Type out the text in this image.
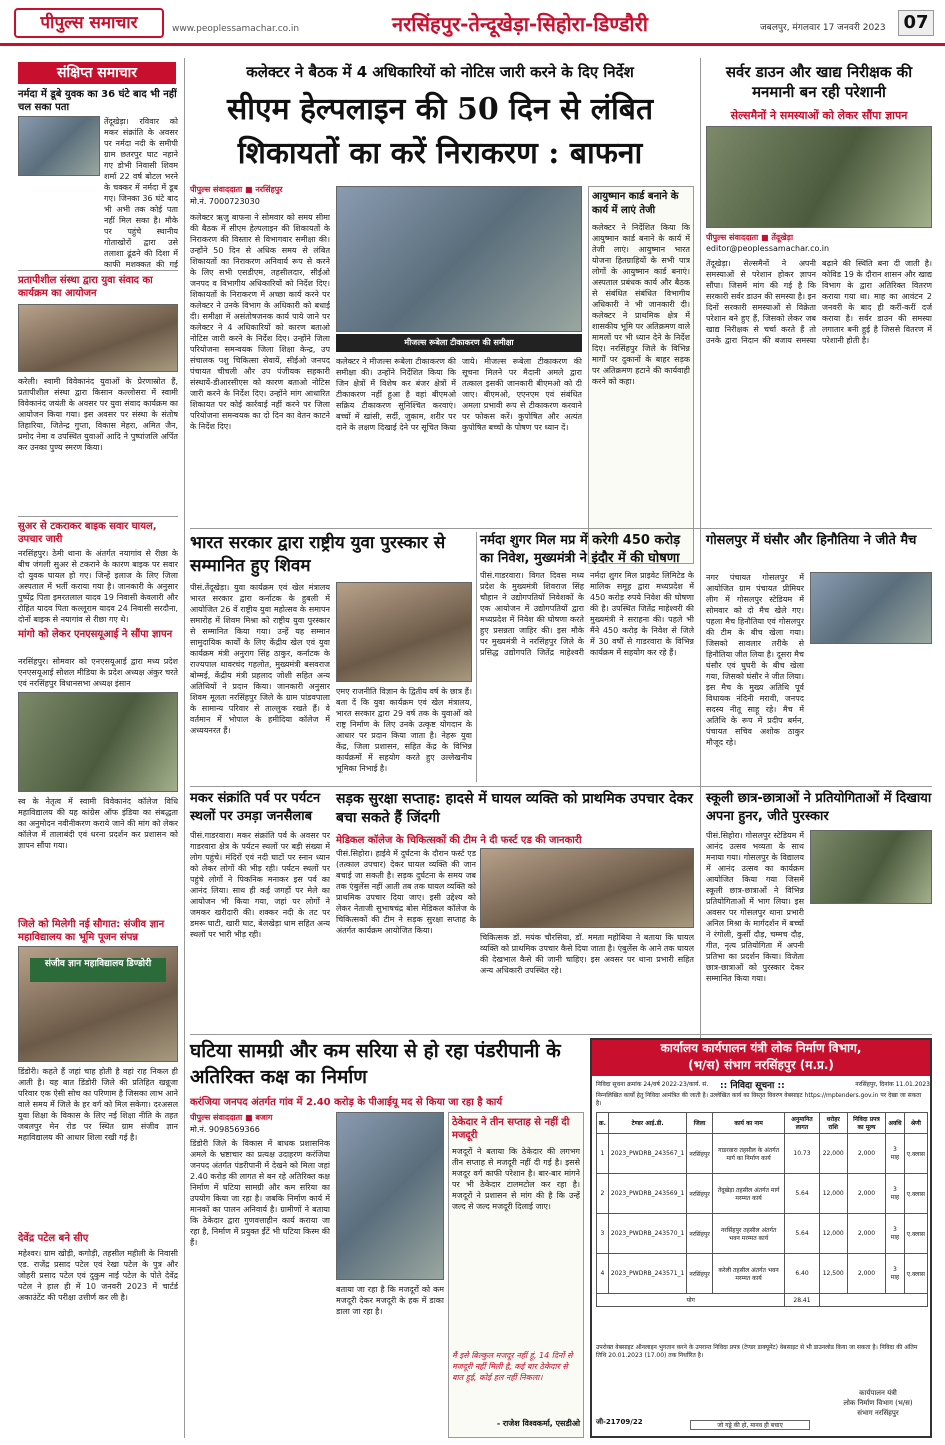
पीपुल्स समाचार	www.peoplessamachar.co.in	नरसिंहपुर-तेन्दूखेड़ा-सिहोरा-डिण्डौरी	जबलपुर, मंगलवार 17 जनवरी 2023 07
संक्षिप्त समाचार
नर्मदा में डूबे युवक का 36 घंटे बाद भी नहीं चल सका पता
तेंदूखेड़ा। रविवार को मकर संक्रांति के अवसर पर नर्मदा नदी के समीपी ग्राम छतरपुर घाट नहाने गए डोभी निवासी शिवम शर्मा 22 वर्ष बोटल भरने के चक्कर में नर्मदा में डूब गए। जिनका 36 घंटे बाद भी अभी तक कोई पता नहीं मिल सका है। मौके पर पहुंचे स्थानीय गोताखोरों द्वारा उसे तलाशा ढूंढने की दिशा में काफी मशक्कत की गई
प्रतापीशील संस्था द्वारा युवा संवाद का कार्यक्रम का आयोजन
करेली। स्वामी विवेकानंद युवाओं के प्रेरणास्रोत हैं, प्रतापीशील संस्था द्वारा किसान कल्लोसरा में स्वामी विवेकानंद जयंती के अवसर पर युवा संवाद कार्यक्रम का आयोजन किया गया। इस अवसर पर संस्था के संतोष तिहारिया, जितेन्द्र गुप्ता, विकास मेहरा, अमित जैन, प्रमोद नेमा व उपस्थित युवाओं आदि ने पुष्पांजलि अर्पित कर उनका पुण्य स्मरण किया।
सुअर से टकराकर बाइक सवार घायल, उपचार जारी
नरसिंहपुर। ठेमी थाना के अंतर्गत नयागांव से रीछा के बीच जंगली सुअर से टकराने के कारण बाइक पर सवार दो युवक घायल हो गए। जिन्हें इलाज के लिए जिला अस्पताल में भर्ती कराया गया है। जानकारी के अनुसार पुष्पेंद्र पिता इमरतलाल यादव 19 निवासी केवलारी और रोहित यादव पिता कल्लूराम यादव 24 निवासी सरदौना, दोनों बाइक से नयागांव से रीछा गए थे।
मांगो को लेकर एनएसयूआई ने सौंपा ज्ञापन
नरसिंहपुर। सोमवार को एनएसयूआई द्वारा मध्य प्रदेश एनएसयूआई सोशल मीडिया के प्रदेश अध्यक्ष अंकुर चरते एवं नरसिंहपुर विधानसभा अध्यक्ष इंसान
स्व के नेतृत्व में स्वामी विवेकानंद कॉलेज विधि महाविद्यालय की यह कांग्रेस ऑफ इंडिया का संबद्धता का अनुमोदन नवीनीकरण कराये जाने की मांग को लेकर कॉलेज में तालाबंदी एवं धरना प्रदर्शन कर प्रशासन को ज्ञापन सौंपा गया।
जिले को मिलेगी नई सौगात: संजीव ज्ञान महाविद्यालय का भूमि पूजन संपन्न
संजीव ज्ञान महाविद्यालय डिण्डोरी
डिंडोरी। कहते हैं जहां चाह होती है वहां राह निकल ही आती है। यह बात डिंडोरी जिले की प्रतिहित खन्नूजा परिवार एक ऐसी सोच का परिणाम है जिसका लाभ आने वाले समय में जिले के हर वर्ग को मिल सकेगा। दरअसल युवा शिक्षा के विकास के लिए नई शिक्षा नीति के तहत जबलपुर मेन रोड पर स्थित ग्राम संजीव ज्ञान महाविद्यालय की आधार शिला रखी गई है।
देवेंद्र पटेल बने सीए
महेश्वर। ग्राम खोड़ी, कगोड़ी, तहसील महीली के निवासी एड. राजेंद्र प्रसाद पटेल एवं रेखा पटेल के पुत्र और जोहरी प्रसाद पटेल एवं दुकुम नाई पटेल के पोते देवेंद्र पटेल ने हाल ही में 10 जनवरी 2023 में चार्टर्ड अकाउंटेंट की परीक्षा उत्तीर्ण कर ली है।
कलेक्टर ने बैठक में 4 अधिकारियों को नोटिस जारी करने के दिए निर्देश
सीएम हेल्पलाइन की 50 दिन से लंबित शिकायतों का करें निराकरण : बाफना
पीपुल्स संवाददाता ■ नरसिंहपुर
मो.नं. 7000723030
कलेक्टर ऋजु बाफना ने सोमवार को समय सीमा की बैठक में सीएम हेल्पलाइन की शिकायतों के निराकरण की विस्तार से विभागवार समीक्षा की। उन्होंने 50 दिन से अधिक समय से लंबित शिकायतों का निराकरण अनिवार्य रूप से करने के लिए सभी एसडीएम, तहसीलदार, सीईओ जनपद व विभागीय अधिकारियों को निर्देश दिए। शिकायतों के निराकरण में अच्छा कार्य करने पर कलेक्टर ने उनके विभाग के अधिकारी को बधाई दी। समीक्षा में असंतोषजनक कार्य पाये जाने पर कलेक्टर ने 4 अधिकारियों को कारण बताओ नोटिस जारी करने के निर्देश दिए। उन्होंने जिला परियोजना समन्वयक जिला शिक्षा केन्द्र, उप संचालक पशु चिकित्सा सेवायें, सीईओ जनपद पंचायत चीचली और उप पंजीयक सहकारी संस्थायें-डीआरसीएस को कारण बताओ नोटिस जारी करने के निर्देश दिए। उन्होंने मांग आधारित शिकायत पर कोई कार्रवाई नहीं करने पर जिला परियोजना समन्वयक का दो दिन का वेतन काटने के निर्देश दिए।
मीजल्स रूबेला टीकाकरण की समीक्षा
कलेक्टर ने मीजल्स रूबेला टीकाकरण की समीक्षा की। उन्होंने निर्देशित किया कि जिन क्षेत्रों में विशेष कर बंजर क्षेत्रों में टीकाकरण नहीं हुआ है वहां बीएमओ सक्रिय टीकाकरण सुनिश्चित करवाएं। बच्चों में खांसी, सर्दी, जुकाम, शरीर पर दाने के लक्षण दिखाई देने पर सूचित किया जाये। मीजल्स रूबेला टीकाकरण की सूचना मिलने पर मैदानी अमले द्वारा तत्काल इसकी जानकारी बीएमओ को दी जाए। बीएमओ, एएनएम एवं संबंधित अमला प्रभावी रूप से टीकाकरण करवाने पर फोकस करें। कुपोषित और अत्यंत कुपोषित बच्चों के पोषण पर ध्यान दें।
आयुष्मान कार्ड बनाने के कार्य में लाएं तेजी
कलेक्टर ने निर्देशित किया कि आयुष्मान कार्ड बनाने के कार्य में तेजी लाएं। आयुष्मान भारत योजना हितग्राहियों के सभी पात्र लोगों के आयुष्मान कार्ड बनाएं। अस्पताल प्रबंधक कार्य और बैठक से संबंधित संबंधित विभागीय अधिकारी ने भी जानकारी दी। कलेक्टर ने प्राथमिक क्षेत्र में शासकीय भूमि पर अतिक्रमण वाले मामलों पर भी ध्यान देने के निर्देश दिए। नरसिंहपुर जिले के विभिन्न मार्गों पर दुकानों के बाहर सड़क पर अतिक्रमण हटाने की कार्यवाही करने को कहा।
सर्वर डाउन और खाद्य निरीक्षक की मनमानी बन रही परेशानी
सेल्समैनों ने समस्याओं को लेकर सौंपा ज्ञापन
पीपुल्स संवाददाता ■ तेंदूखेड़ा
editor@peoplessamachar.co.in
तेंदूखेड़ा। सेल्समैनों ने अपनी समस्याओं से परेशान होकर ज्ञापन सौंपा। जिसमें मांग की गई है कि सरकारी सर्वर डाउन की समस्या है। इन दिनों सरकारी समस्याओं से विक्रेता परेशान बने हुए हैं, जिसको लेकर जब खाद्य निरीक्षक से चर्चा करते हैं तो उनके द्वारा निदान की बजाय समस्या बढ़ाने की स्थिति बना दी जाती है। कोविड 19 के दौरान शासन और खाद्य विभाग के द्वारा अतिरिक्त वितरण कराया गया था। माह का आवंटन 2 जनवरी के बाद ही करीं-करीं दर्ज कराया है। सर्वर डाउन की समस्या लगातार बनी हुई है जिससे वितरण में परेशानी होती है।
भारत सरकार द्वारा राष्ट्रीय युवा पुरस्कार से सम्मानित हुए शिवम
पीसं.तेंदूखेड़ा। युवा कार्यक्रम एवं खेल मंत्रालय भारत सरकार द्वारा कर्नाटक के हुबली में आयोजित 26 वें राष्ट्रीय युवा महोत्सव के समापन समारोह में शिवम मिश्रा को राष्ट्रीय युवा पुरस्कार से सम्मानित किया गया। उन्हें यह सम्मान सामुदायिक कार्यों के लिए केंद्रीय खेल एवं युवा कार्यक्रम मंत्री अनुराग सिंह ठाकुर, कर्नाटक के राज्यपाल थावरचंद गहलोत, मुख्यमंत्री बसवराज बोम्मई, केंद्रीय मंत्री प्रहलाद जोशी सहित अन्य अतिथियों ने प्रदान किया। जानकारी अनुसार शिवम मूलतः नरसिंहपुर जिले के ग्राम पांडवपाला के सामान्य परिवार से ताल्लुक रखते हैं। वे वर्तमान में भोपाल के हमीदिया कॉलेज में अध्ययनरत हैं।
एमए राजनीति विज्ञान के द्वितीय वर्ष के छात्र हैं। बता दें कि युवा कार्यक्रम एवं खेल मंत्रालय, भारत सरकार द्वारा 29 वर्ष तक के युवाओं को राष्ट्र निर्माण के लिए उनके उत्कृष्ट योगदान के आधार पर प्रदान किया जाता है। नेहरू युवा केंद्र, जिला प्रशासन, सहित केंद्र के विभिन्न कार्यक्रमों में सहयोग करते हुए उल्लेखनीय भूमिका निभाई है।
नर्मदा शुगर मिल मप्र में करेगी 450 करोड़ का निवेश, मुख्यमंत्री ने इंदौर में की घोषणा
पीसं.गाडरवारा। विगत दिवस मध्य प्रदेश के मुख्यमंत्री शिवराज सिंह चौहान ने उद्योगपतियों निवेशकों के एक आयोजन में उद्योगपतियों द्वारा मध्यप्रदेश में निवेश की घोषणा करते हुए प्रसन्नता जाहिर की। इस मौके पर मुख्यमंत्री ने नरसिंहपुर जिले के प्रसिद्ध उद्योगपति जितेंद्र माहेश्वरी नर्मदा शुगर मिल प्राइवेट लिमिटेड के मालिक समूह द्वारा मध्यप्रदेश में 450 करोड़ रुपये निवेश की घोषणा की है। उपस्थित जितेंद्र माहेश्वरी की मुख्यमंत्री ने सराहना की। पहले भी मैंने 450 करोड़ के निवेश से जिले में 30 वर्षों से गाडरवारा के विभिन्न कार्यक्रम में सहयोग कर रहे हैं।
गोसलपुर में घंसौर और हिनौतिया ने जीते मैच
नगर पंचायत गोसलपुर में आयोजित ग्राम पंचायत प्रीमियर लीग में गोसलपुर स्टेडियम में सोमवार को दो मैच खेले गए। पहला मैच हिनौतिया एवं गोसलपुर की टीम के बीच खेला गया। जिसको सावलार तरीके से हिनौतिया जीत लिया है। दूसरा मैच घंसौर एवं घुघरी के बीच खेला गया, जिसको घंसौर ने जीत लिया। इस मैच के मुख्य अतिथि पूर्व विधायक नंदिनी मरावी, जनपद सदस्य नीतू साहू रहे। मैच में अतिथि के रूप में प्रदीप बर्मन, पंचायत सचिव अशोक ठाकुर मौजूद रहे।
मकर संक्रांति पर्व पर पर्यटन स्थलों पर उमड़ा जनसैलाब
पीसं.गाडरवारा। मकर संक्रांति पर्व के अवसर पर गाडरवारा क्षेत्र के पर्यटन स्थलों पर बड़ी संख्या में लोग पहुंचे। मंदिरों एवं नदी घाटों पर स्नान ध्यान को लेकर लोगों की भीड़ रही। पर्यटन स्थलों पर पहुंचे लोगों ने पिकनिक मनाकर इस पर्व का आनंद लिया। साथ ही कई जगहों पर मेले का आयोजन भी किया गया, जहां पर लोगों ने जमकर खरीदारी की। शक्कर नदी के तट पर डमरू घाटी, खारी घाट, बेलखेड़ा धाम सहित अन्य स्थलों पर भारी भीड़ रही।
सड़क सुरक्षा सप्ताह: हादसे में घायल व्यक्ति को प्राथमिक उपचार देकर बचा सकते हैं जिंदगी
मेडिकल कॉलेज के चिकित्सकों की टीम ने दी फर्स्ट एड की जानकारी
पीसं.सिहोरा। हाईवे में दुर्घटना के दौरान फर्स्ट एड (तत्काल उपचार) देकर घायल व्यक्ति की जान बचाई जा सकती है। सड़क दुर्घटना के समय जब तक एंबुलेंस नहीं आती तब तक घायल व्यक्ति को प्राथमिक उपचार दिया जाए। इसी उद्देश्य को लेकर नेताजी सुभाषचंद्र बोस मेडिकल कॉलेज के चिकित्सकों की टीम ने सड़क सुरक्षा सप्ताह के अंतर्गत कार्यक्रम आयोजित किया।
चिकित्सक डॉ. मयंक चौरसिया, डॉ. ममता महोबिया ने बताया कि घायल व्यक्ति को प्राथमिक उपचार कैसे दिया जाता है। एंबुलेंस के आने तक घायल की देखभाल कैसे की जानी चाहिए। इस अवसर पर थाना प्रभारी सहित अन्य अधिकारी उपस्थित रहे।
स्कूली छात्र-छात्राओं ने प्रतियोगिताओं में दिखाया अपना हुनर, जीते पुरस्कार
पीसं.सिहोरा। गोसलपुर स्टेडियम में आनंद उत्सव भव्यता के साथ मनाया गया। गोसलपुर के विद्यालय में आनंद उत्सव का कार्यक्रम आयोजित किया गया जिसमें स्कूली छात्र-छात्राओं ने विभिन्न प्रतियोगिताओं में भाग लिया। इस अवसर पर गोसलपुर थाना प्रभारी अनिल मिश्रा के मार्गदर्शन में बच्चों ने रंगोली, कुर्सी दौड़, चम्मच दौड़, गीत, नृत्य प्रतियोगिता में अपनी प्रतिभा का प्रदर्शन किया। विजेता छात्र-छात्राओं को पुरस्कार देकर सम्मानित किया गया।
घटिया सामग्री और कम सरिया से हो रहा पंडरीपानी के अतिरिक्त कक्ष का निर्माण
करंजिया जनपद अंतर्गत गांव में 2.40 करोड़ के पीआईयू मद से किया जा रहा है कार्य
पीपुल्स संवाददाता ■ बजाग
मो.नं. 9098569366
डिंडोरी जिले के विकास में बाधक प्रशासनिक अमले के भ्रष्टाचार का प्रत्यक्ष उदाहरण करंजिया जनपद अंतर्गत पंडरीपानी में देखने को मिला जहां 2.40 करोड़ की लागत से बन रहे अतिरिक्त कक्ष निर्माण में घटिया सामग्री और कम सरिया का उपयोग किया जा रहा है। जबकि निर्माण कार्य में मानकों का पालन अनिवार्य है। ग्रामीणों ने बताया कि ठेकेदार द्वारा गुणवत्ताहीन कार्य कराया जा रहा है, निर्माण में प्रयुक्त ईंटें भी घटिया किस्म की हैं।
बताया जा रहा है कि मजदूरों को कम मजदूरी देकर मजदूरी के हक में डाका डाला जा रहा है।
ठेकेदार ने तीन सप्ताह से नहीं दी मजदूरी
मजदूरों ने बताया कि ठेकेदार की लगभग तीन सप्ताह से मजदूरी नहीं दी गई है। इससे मजदूर वर्ग काफी परेशान है। बार-बार मांगने पर भी ठेकेदार टालमटोल कर रहा है। मजदूरों ने प्रशासन से मांग की है कि उन्हें जल्द से जल्द मजदूरी दिलाई जाए।
मैं इसे बिल्कुल मजदूर नहीं हूं, 14 दिनों से मजदूरी नहीं मिली है, कई बार ठेकेदार से बात हुई, कोई हल नहीं निकला।
- राजेश विश्वकर्मा, एसडीओ
कार्यालय कार्यपालन यंत्री लोक निर्माण विभाग,
(भ/स) संभाग नरसिंहपुर (म.प्र.)
निविदा सूचना क्रमांक 24/वर्ष 2022-23/कार्य. सं.	:: निविदा सूचना ::	नरसिंहपुर, दिनांक 11.01.2023
निम्नलिखित कार्यों हेतु निविदा आमंत्रित की जाती है। उल्लेखित कार्य का विस्तृत विवरण वेबसाइट https://mptenders.gov.in पर देखा जा सकता है।
क्र.	टेण्डर आई.डी.	जिला	कार्य का नाम	अनुमानित लागत	धरोहर राशि	निविदा प्रपत्र का मूल्य	अवधि	श्रेणी
1	2023_PWDRB_243567_1	नरसिंहपुर	गाडरवारा तहसील के अंतर्गत मार्ग का निर्माण कार्य	10.73	22,000	2,000	3 माह	ए.क्लास
2	2023_PWDRB_243569_1	नरसिंहपुर	तेंदूखेड़ा तहसील अंतर्गत मार्ग मरम्मत कार्य	5.64	12,000	2,000	3 माह	ए.क्लास
3	2023_PWDRB_243570_1	नरसिंहपुर	नरसिंहपुर तहसील अंतर्गत भवन मरम्मत कार्य	5.64	12,000	2,000	3 माह	ए.क्लास
4	2023_PWDRB_243571_1	नरसिंहपुर	करेली तहसील अंतर्गत भवन मरम्मत कार्य	6.40	12,500	2,000	3 माह	ए.क्लास
योग				28.41				
उपरोक्त वेबसाइट ऑनलाइन भुगतान करने के उपरान्त निविदा प्रपत्र (टेण्डर डाक्यूमेंट) वेबसाइट से भी डाउनलोड किया जा सकता है। निविदा की अंतिम तिथि 20.01.2023 (17.00) तक निर्धारित है।
जी-21709/22	जो गड्डे की हो, मानव ही बचाए
कार्यपालन यंत्री
लोक निर्माण विभाग (भ/स)
संभाग नरसिंहपुर
